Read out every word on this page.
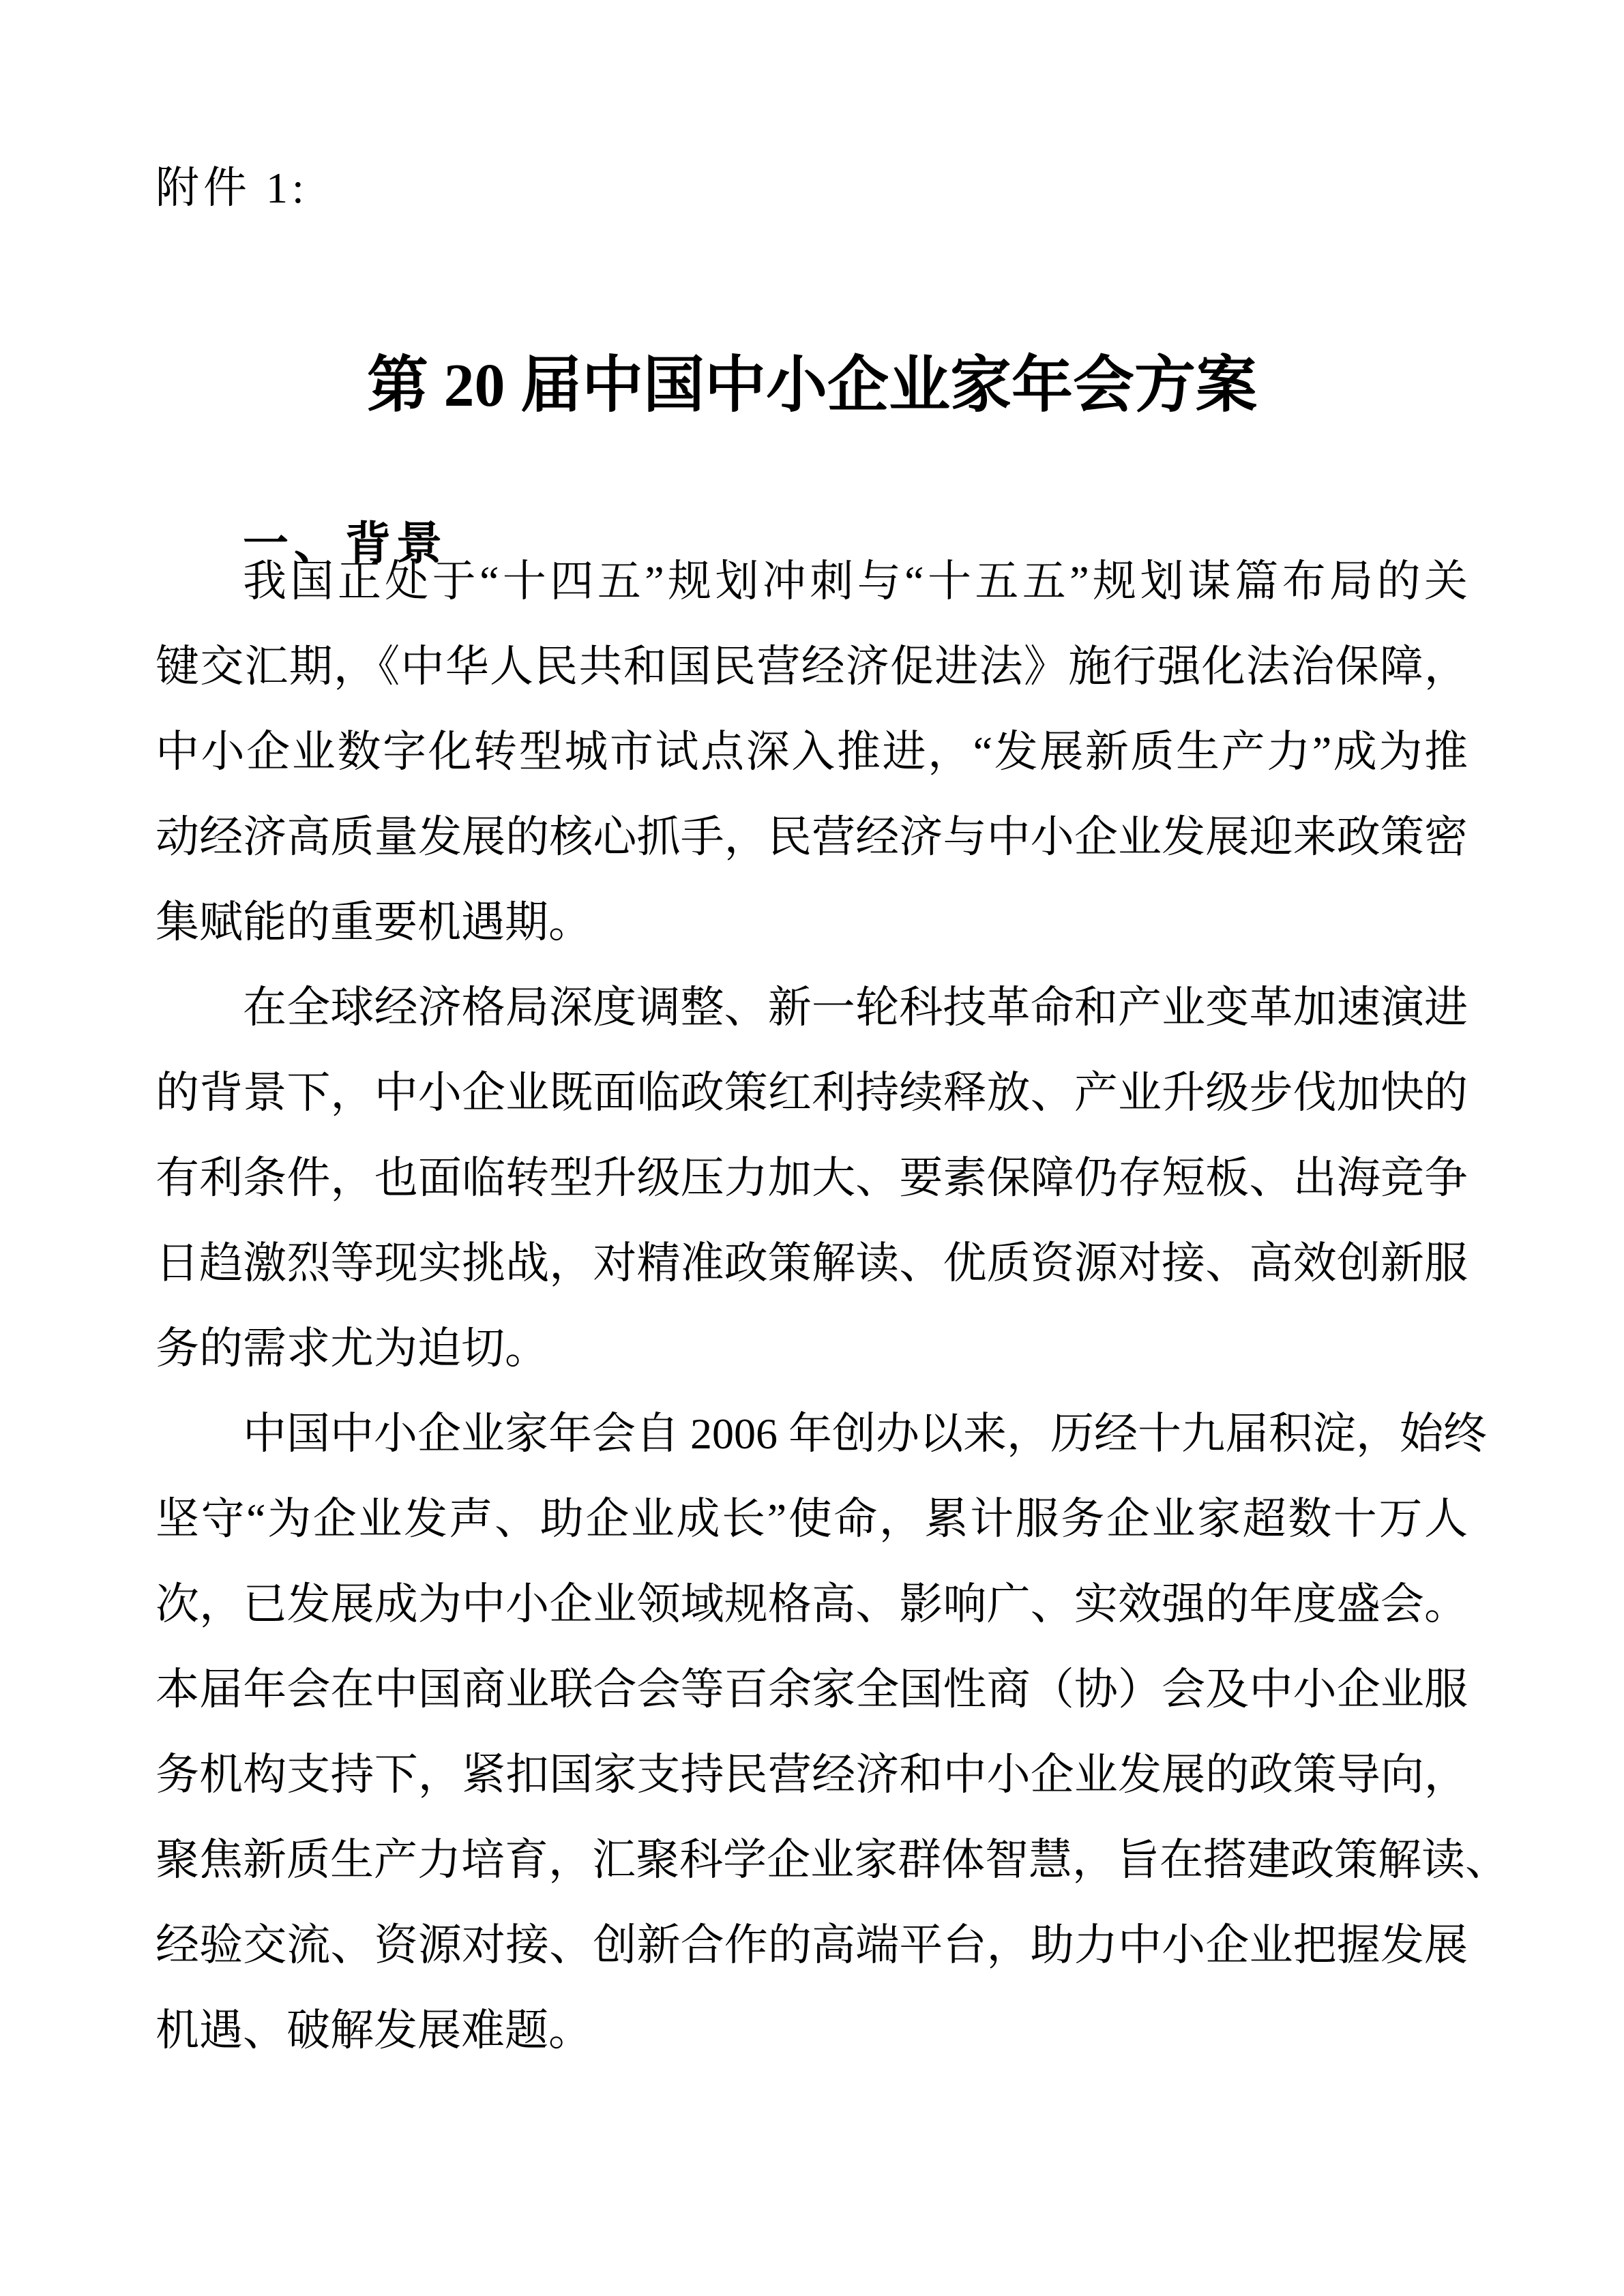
附件 1:
第 20 届中国中小企业家年会方案
一、背景
我国正处于“十四五”规划冲刺与“十五五”规划谋篇布局的关
键交汇期，《中华人民共和国民营经济促进法》施行强化法治保障，
中小企业数字化转型城市试点深入推进，“发展新质生产力”成为推
动经济高质量发展的核心抓手，民营经济与中小企业发展迎来政策密
集赋能的重要机遇期。
在全球经济格局深度调整、新一轮科技革命和产业变革加速演进
的背景下，中小企业既面临政策红利持续释放、产业升级步伐加快的
有利条件，也面临转型升级压力加大、要素保障仍存短板、出海竞争
日趋激烈等现实挑战，对精准政策解读、优质资源对接、高效创新服
务的需求尤为迫切。
中国中小企业家年会自 2006 年创办以来，历经十九届积淀，始终
坚守“为企业发声、助企业成长”使命，累计服务企业家超数十万人
次，已发展成为中小企业领域规格高、影响广、实效强的年度盛会。
本届年会在中国商业联合会等百余家全国性商（协）会及中小企业服
务机构支持下，紧扣国家支持民营经济和中小企业发展的政策导向，
聚焦新质生产力培育，汇聚科学企业家群体智慧，旨在搭建政策解读、
经验交流、资源对接、创新合作的高端平台，助力中小企业把握发展
机遇、破解发展难题。
